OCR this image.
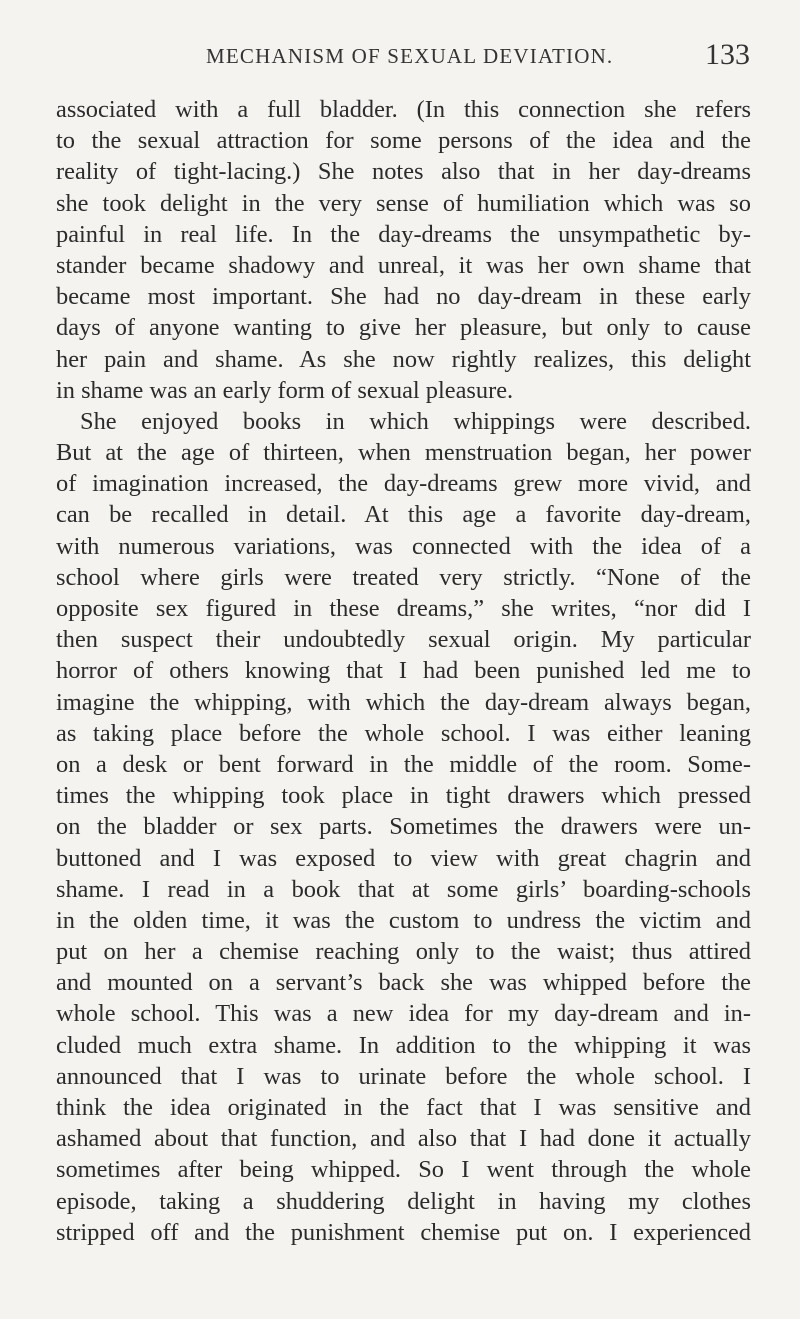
MECHANISM OF SEXUAL DEVIATION.	133
associated with a full bladder. (In this connection she refers
to the sexual attraction for some persons of the idea and the
reality of tight-lacing.) She notes also that in her day-dreams
she took delight in the very sense of humiliation which was so
painful in real life. In the day-dreams the unsympathetic by-
stander became shadowy and unreal, it was her own shame that
became most important. She had no day-dream in these early
days of anyone wanting to give her pleasure, but only to cause
her pain and shame. As she now rightly realizes, this delight
in shame was an early form of sexual pleasure.
She enjoyed books in which whippings were described.
But at the age of thirteen, when menstruation began, her power
of imagination increased, the day-dreams grew more vivid, and
can be recalled in detail. At this age a favorite day-dream,
with numerous variations, was connected with the idea of a
school where girls were treated very strictly. “None of the
opposite sex figured in these dreams,” she writes, “nor did I
then suspect their undoubtedly sexual origin. My particular
horror of others knowing that I had been punished led me to
imagine the whipping, with which the day-dream always began,
as taking place before the whole school. I was either leaning
on a desk or bent forward in the middle of the room. Some-
times the whipping took place in tight drawers which pressed
on the bladder or sex parts. Sometimes the drawers were un-
buttoned and I was exposed to view with great chagrin and
shame. I read in a book that at some girls’ boarding-schools
in the olden time, it was the custom to undress the victim and
put on her a chemise reaching only to the waist; thus attired
and mounted on a servant’s back she was whipped before the
whole school. This was a new idea for my day-dream and in-
cluded much extra shame. In addition to the whipping it was
announced that I was to urinate before the whole school. I
think the idea originated in the fact that I was sensitive and
ashamed about that function, and also that I had done it actually
sometimes after being whipped. So I went through the whole
episode, taking a shuddering delight in having my clothes
stripped off and the punishment chemise put on. I experienced
